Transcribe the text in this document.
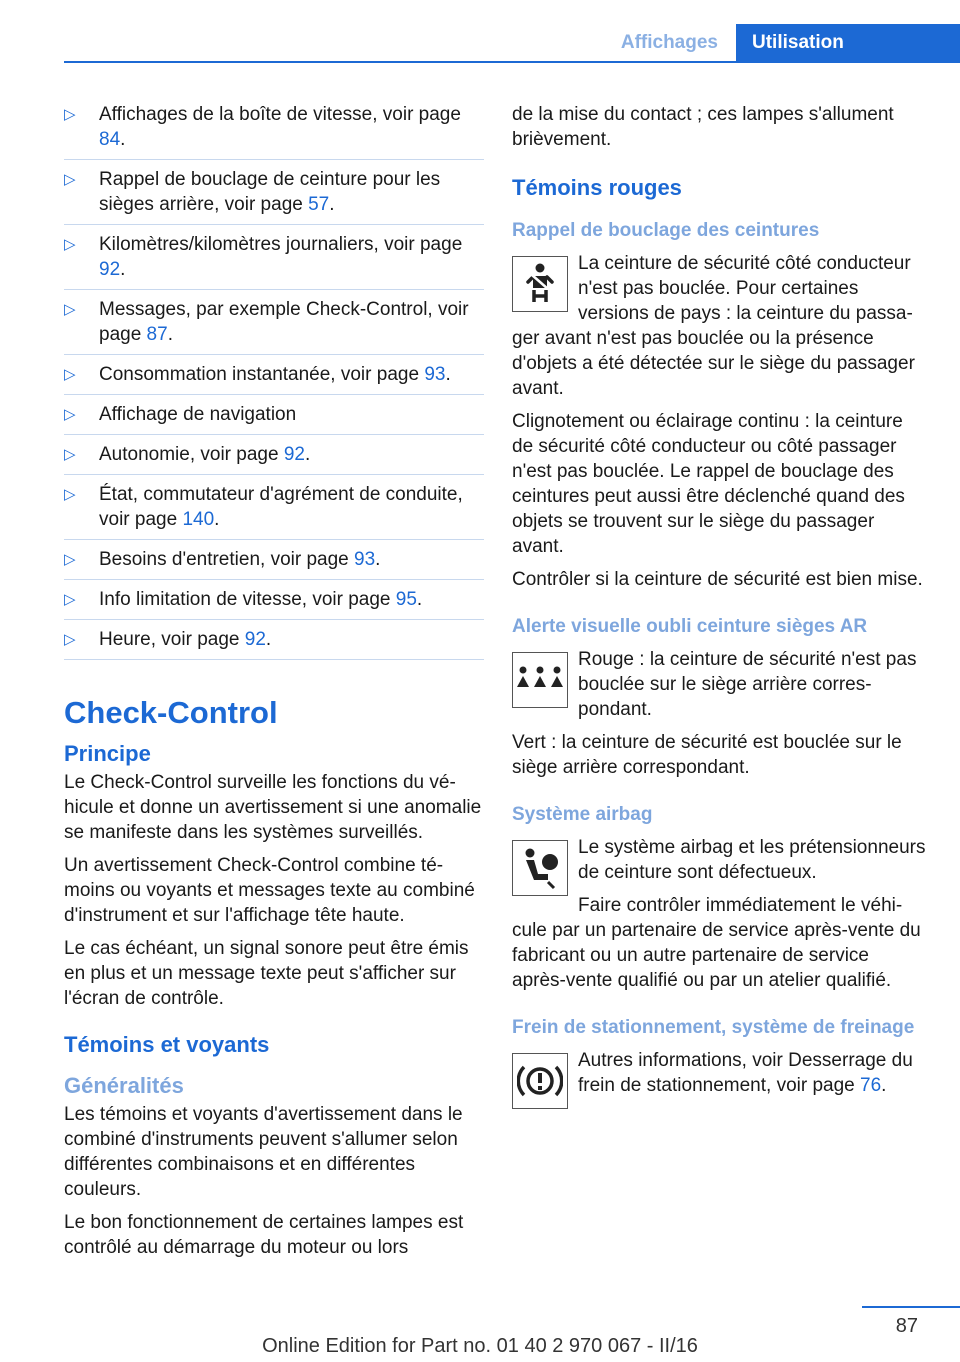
Affichages	Utilisation
▷ Affichages de la boîte de vitesse, voir page 84.
▷ Rappel de bouclage de ceinture pour les sièges arrière, voir page 57.
▷ Kilomètres/kilomètres journaliers, voir page 92.
▷ Messages, par exemple Check-Control, voir page 87.
▷ Consommation instantanée, voir page 93.
▷ Affichage de navigation
▷ Autonomie, voir page 92.
▷ État, commutateur d'agrément de conduite, voir page 140.
▷ Besoins d'entretien, voir page 93.
▷ Info limitation de vitesse, voir page 95.
▷ Heure, voir page 92.
Check-Control
Principe

Le Check-Control surveille les fonctions du véhicule et donne un avertissement si une anomalie se manifeste dans les systèmes surveillés.

Un avertissement Check-Control combine témoins ou voyants et messages texte au combiné d'instrument et sur l'affichage tête haute.

Le cas échéant, un signal sonore peut être émis en plus et un message texte peut s'afficher sur l'écran de contrôle.

Témoins et voyants
Généralités

Les témoins et voyants d'avertissement dans le combiné d'instruments peuvent s'allumer selon différentes combinaisons et en différentes couleurs.

Le bon fonctionnement de certaines lampes est contrôlé au démarrage du moteur ou lors

de la mise du contact ; ces lampes s'allument brièvement.

Témoins rouges
Rappel de bouclage des ceintures

La ceinture de sécurité côté conducteur n'est pas bouclée. Pour certaines versions de pays : la ceinture du passager avant n'est pas bouclée ou la présence d'objets a été détectée sur le siège du passager avant.

Clignotement ou éclairage continu : la ceinture de sécurité côté conducteur ou côté passager n'est pas bouclée. Le rappel de bouclage des ceintures peut aussi être déclenché quand des objets se trouvent sur le siège du passager avant.

Contrôler si la ceinture de sécurité est bien mise.

Alerte visuelle oubli ceinture sièges AR

Rouge : la ceinture de sécurité n'est pas bouclée sur le siège arrière correspondant.

Vert : la ceinture de sécurité est bouclée sur le siège arrière correspondant.

Système airbag

Le système airbag et les prétensionneurs de ceinture sont défectueux.

Faire contrôler immédiatement le véhicule par un partenaire de service après-vente du fabricant ou un autre partenaire de service après-vente qualifié ou par un atelier qualifié.

Frein de stationnement, système de freinage

Autres informations, voir Desserrage du frein de stationnement, voir page 76.

87
Online Edition for Part no. 01 40 2 970 067 - II/16
